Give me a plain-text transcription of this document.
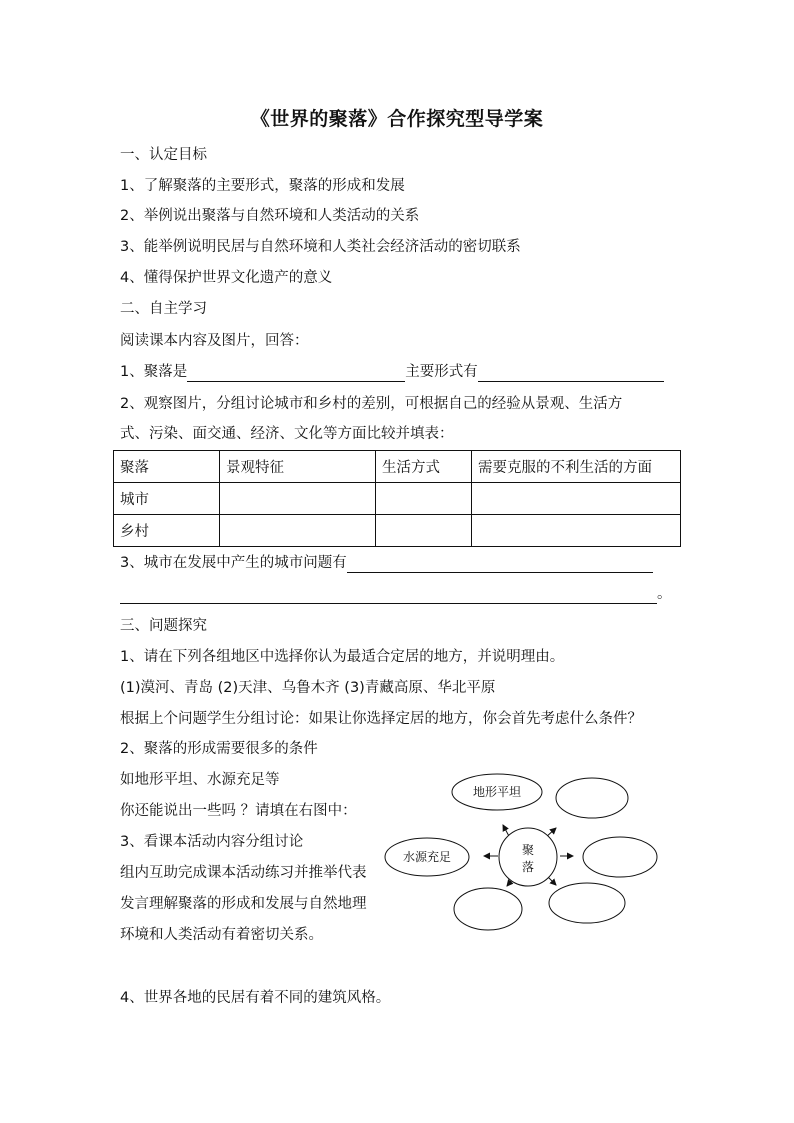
《世界的聚落》合作探究型导学案
一、认定目标
1、了解聚落的主要形式，聚落的形成和发展
2、举例说出聚落与自然环境和人类活动的关系
3、能举例说明民居与自然环境和人类社会经济活动的密切联系
4、懂得保护世界文化遗产的意义
二、自主学习
阅读课本内容及图片，回答：
1、聚落是	主要形式有
2、观察图片，分组讨论城市和乡村的差别，可根据自己的经验从景观、生活方
式、污染、面交通、经济、文化等方面比较并填表：
聚落	景观特征	生活方式	需要克服的不利生活的方面
城市			
乡村			
3、城市在发展中产生的城市问题有
。
三、问题探究
1、请在下列各组地区中选择你认为最适合定居的地方，并说明理由。
(1)漠河、青岛 (2)天津、乌鲁木齐 (3)青藏高原、华北平原
根据上个问题学生分组讨论：如果让你选择定居的地方，你会首先考虑什么条件？
2、聚落的形成需要很多的条件
如地形平坦、水源充足等
你还能说出一些吗 ？请填在右图中：
3、看课本活动内容分组讨论
组内互助完成课本活动练习并推举代表
发言理解聚落的形成和发展与自然地理
环境和人类活动有着密切关系。
4、世界各地的民居有着不同的建筑风格。
聚
落
地形平坦
水源充足
